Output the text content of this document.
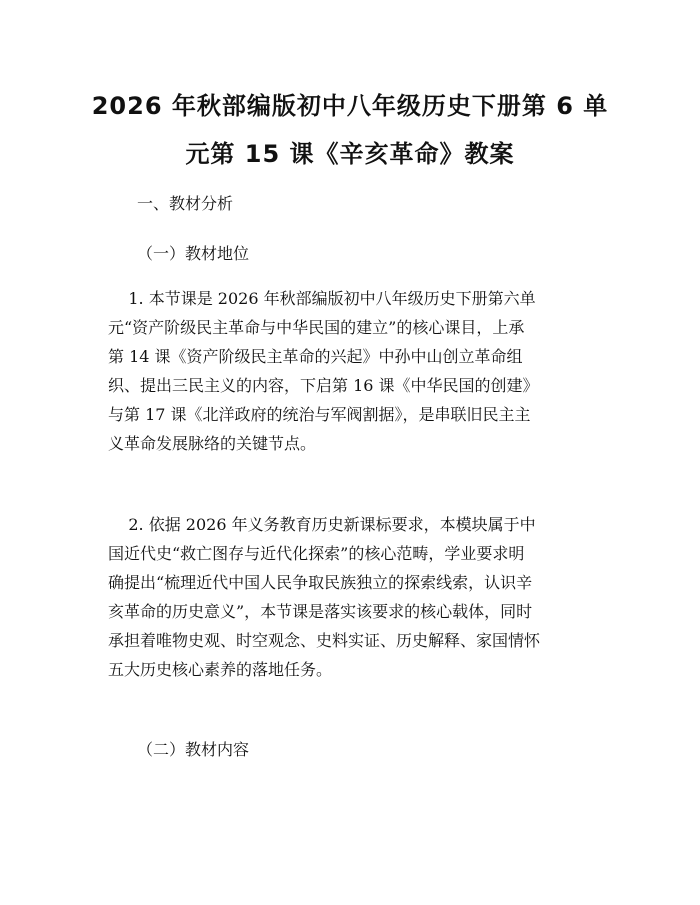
2026 年秋部编版初中八年级历史下册第 6 单
元第 15 课《辛亥革命》教案
一、教材分析
（一）教材地位
1. 本节课是 2026 年秋部编版初中八年级历史下册第六单
元“资产阶级民主革命与中华民国的建立”的核心课目，上承
第 14 课《资产阶级民主革命的兴起》中孙中山创立革命组
织、提出三民主义的内容，下启第 16 课《中华民国的创建》
与第 17 课《北洋政府的统治与军阀割据》，是串联旧民主主
义革命发展脉络的关键节点。
2. 依据 2026 年义务教育历史新课标要求，本模块属于中
国近代史“救亡图存与近代化探索”的核心范畴，学业要求明
确提出“梳理近代中国人民争取民族独立的探索线索，认识辛
亥革命的历史意义”，本节课是落实该要求的核心载体，同时
承担着唯物史观、时空观念、史料实证、历史解释、家国情怀
五大历史核心素养的落地任务。
（二）教材内容
